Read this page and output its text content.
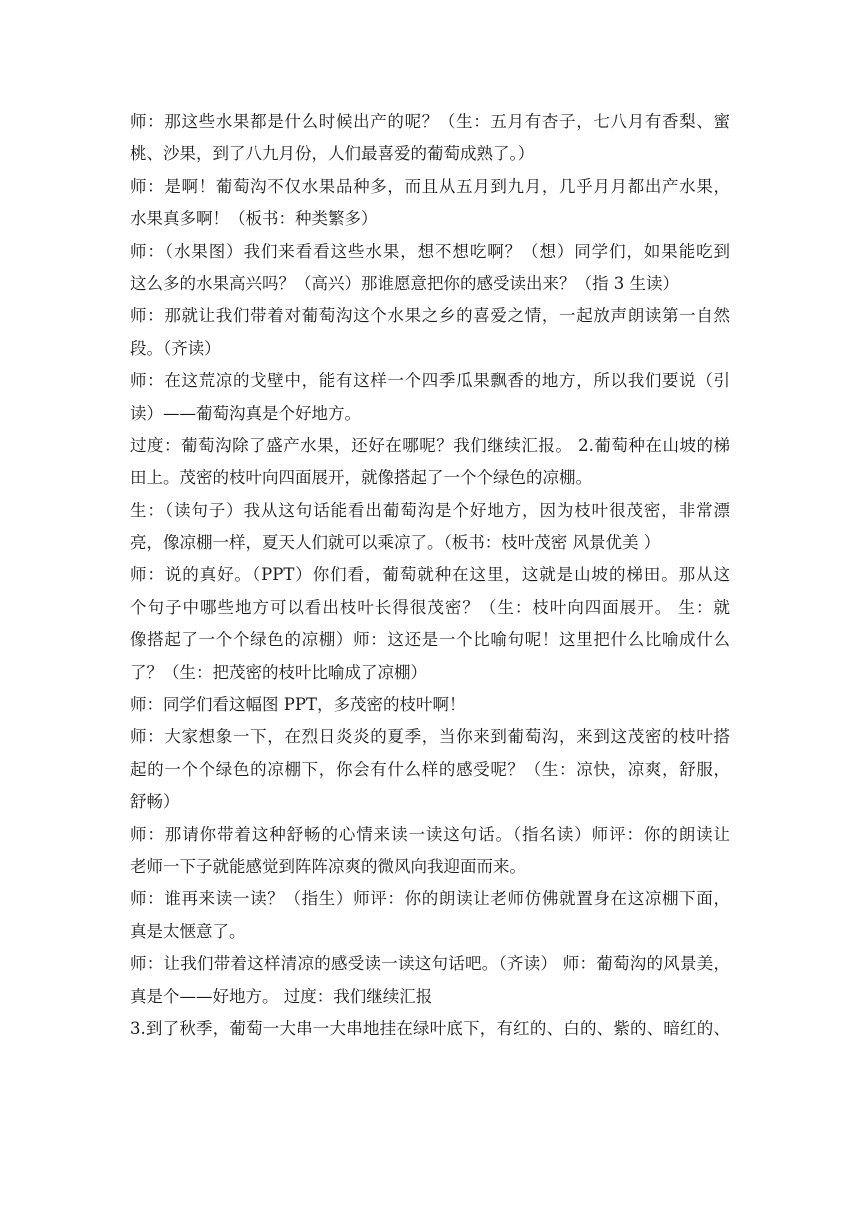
师：那这些水果都是什么时候出产的呢？（生：五月有杏子，七八月有香梨、蜜
桃、沙果，到了八九月份，人们最喜爱的葡萄成熟了。）
师：是啊！葡萄沟不仅水果品种多，而且从五月到九月，几乎月月都出产水果，
水果真多啊！（板书：种类繁多）
师：（水果图）我们来看看这些水果，想不想吃啊？（想）同学们，如果能吃到
这么多的水果高兴吗？（高兴）那谁愿意把你的感受读出来？（指 3 生读）
师：那就让我们带着对葡萄沟这个水果之乡的喜爱之情，一起放声朗读第一自然
段。（齐读）
师：在这荒凉的戈壁中，能有这样一个四季瓜果飘香的地方，所以我们要说（引
读）——葡萄沟真是个好地方。
过度：葡萄沟除了盛产水果，还好在哪呢？我们继续汇报。 2.葡萄种在山坡的梯
田上。茂密的枝叶向四面展开，就像搭起了一个个绿色的凉棚。
生：（读句子）我从这句话能看出葡萄沟是个好地方，因为枝叶很茂密，非常漂
亮，像凉棚一样，夏天人们就可以乘凉了。（板书：枝叶茂密 风景优美 ）
师：说的真好。（PPT）你们看，葡萄就种在这里，这就是山坡的梯田。那从这
个句子中哪些地方可以看出枝叶长得很茂密？（生：枝叶向四面展开。 生：就
像搭起了一个个绿色的凉棚）师：这还是一个比喻句呢！这里把什么比喻成什么
了？（生：把茂密的枝叶比喻成了凉棚）
师：同学们看这幅图 PPT，多茂密的枝叶啊！
师：大家想象一下，在烈日炎炎的夏季，当你来到葡萄沟，来到这茂密的枝叶搭
起的一个个绿色的凉棚下，你会有什么样的感受呢？（生：凉快，凉爽，舒服，
舒畅）
师：那请你带着这种舒畅的心情来读一读这句话。（指名读）师评：你的朗读让
老师一下子就能感觉到阵阵凉爽的微风向我迎面而来。
师：谁再来读一读？（指生）师评：你的朗读让老师仿佛就置身在这凉棚下面，
真是太惬意了。
师：让我们带着这样清凉的感受读一读这句话吧。（齐读） 师：葡萄沟的风景美，
真是个——好地方。 过度：我们继续汇报
3.到了秋季，葡萄一大串一大串地挂在绿叶底下，有红的、白的、紫的、暗红的、
